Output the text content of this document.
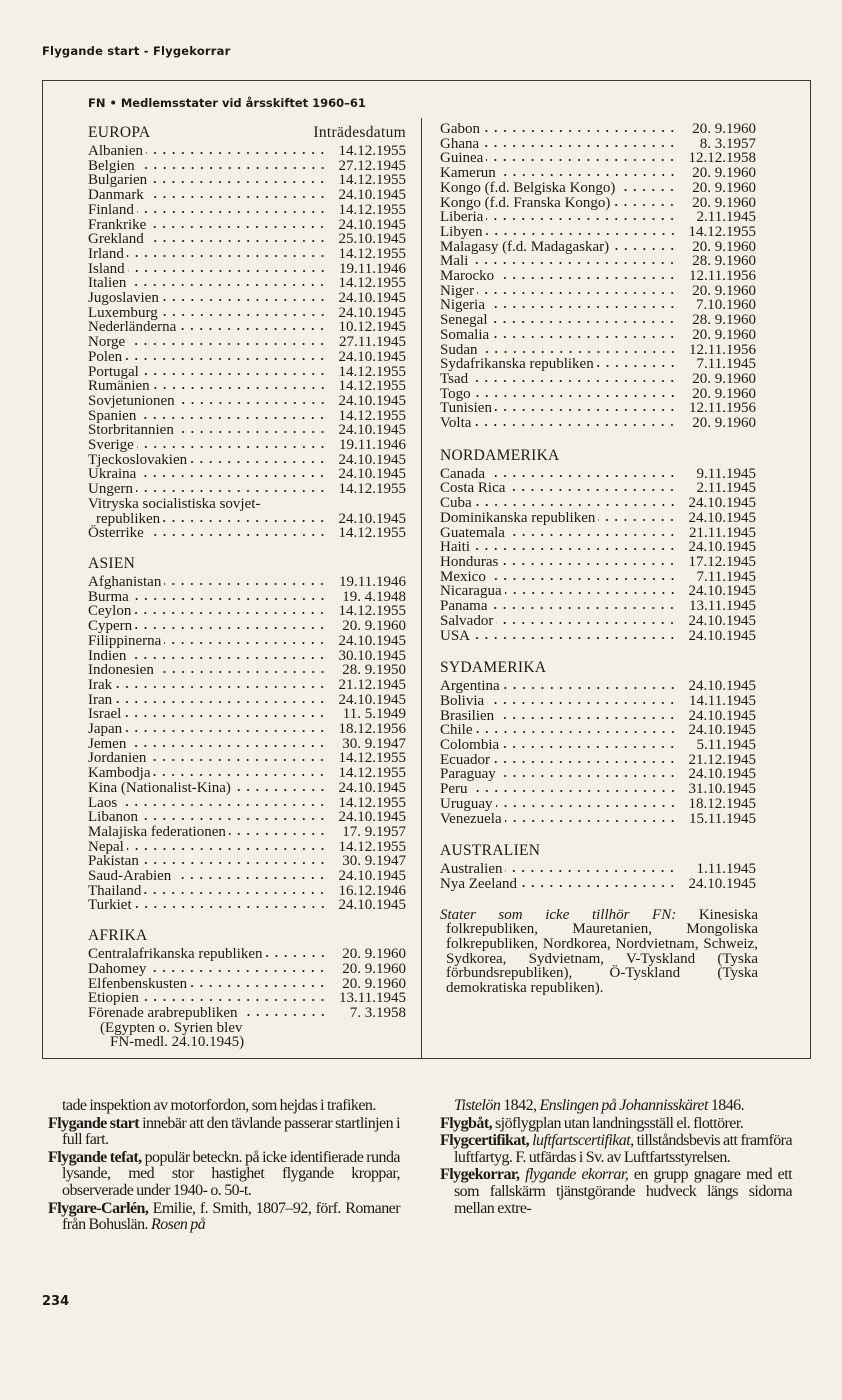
Flygande start - Flygekorrar
FN • Medlemsstater vid årsskiftet 1960–61
EUROPA	Inträdesdatum
Albanien	14.12.1955
Belgien	27.12.1945
Bulgarien	14.12.1955
Danmark	24.10.1945
Finland	14.12.1955
Frankrike	24.10.1945
Grekland	25.10.1945
Irland	14.12.1955
Island	19.11.1946
Italien	14.12.1955
Jugoslavien	24.10.1945
Luxemburg	24.10.1945
Nederländerna	10.12.1945
Norge	27.11.1945
Polen	24.10.1945
Portugal	14.12.1955
Rumänien	14.12.1955
Sovjetunionen	24.10.1945
Spanien	14.12.1955
Storbritannien	24.10.1945
Sverige	19.11.1946
Tjeckoslovakien	24.10.1945
Ukraina	24.10.1945
Ungern	14.12.1955
Vitryska socialistiska sovjet-
republiken	24.10.1945
Österrike	14.12.1955
ASIEN
Afghanistan	19.11.1946
Burma	19. 4.1948
Ceylon	14.12.1955
Cypern	20. 9.1960
Filippinerna	24.10.1945
Indien	30.10.1945
Indonesien	28. 9.1950
Irak	21.12.1945
Iran	24.10.1945
Israel	11. 5.1949
Japan	18.12.1956
Jemen	30. 9.1947
Jordanien	14.12.1955
Kambodja	14.12.1955
Kina (Nationalist-Kina)	24.10.1945
Laos	14.12.1955
Libanon	24.10.1945
Malajiska federationen	17. 9.1957
Nepal	14.12.1955
Pakistan	30. 9.1947
Saud-Arabien	24.10.1945
Thailand	16.12.1946
Turkiet	24.10.1945
AFRIKA
Centralafrikanska republiken	20. 9.1960
Dahomey	20. 9.1960
Elfenbenskusten	20. 9.1960
Etiopien	13.11.1945
Förenade arabrepubliken	7. 3.1958
(Egypten o. Syrien blev
FN-medl. 24.10.1945)
Gabon	20. 9.1960
Ghana	8. 3.1957
Guinea	12.12.1958
Kamerun	20. 9.1960
Kongo (f.d. Belgiska Kongo)	20. 9.1960
Kongo (f.d. Franska Kongo)	20. 9.1960
Liberia	2.11.1945
Libyen	14.12.1955
Malagasy (f.d. Madagaskar)	20. 9.1960
Mali	28. 9.1960
Marocko	12.11.1956
Niger	20. 9.1960
Nigeria	7.10.1960
Senegal	28. 9.1960
Somalia	20. 9.1960
Sudan	12.11.1956
Sydafrikanska republiken	7.11.1945
Tsad	20. 9.1960
Togo	20. 9.1960
Tunisien	12.11.1956
Volta	20. 9.1960
NORDAMERIKA
Canada	9.11.1945
Costa Rica	2.11.1945
Cuba	24.10.1945
Dominikanska republiken	24.10.1945
Guatemala	21.11.1945
Haiti	24.10.1945
Honduras	17.12.1945
Mexico	7.11.1945
Nicaragua	24.10.1945
Panama	13.11.1945
Salvador	24.10.1945
USA	24.10.1945
SYDAMERIKA
Argentina	24.10.1945
Bolivia	14.11.1945
Brasilien	24.10.1945
Chile	24.10.1945
Colombia	5.11.1945
Ecuador	21.12.1945
Paraguay	24.10.1945
Peru	31.10.1945
Uruguay	18.12.1945
Venezuela	15.11.1945
AUSTRALIEN
Australien	1.11.1945
Nya Zeeland	24.10.1945
Stater som icke tillhör FN: Kinesiska folkrepubliken, Mauretanien, Mongoliska folkrepubliken, Nordkorea, Nordvietnam, Schweiz, Sydkorea, Sydvietnam, V-Tyskland (Tyska förbundsrepubliken), Ö-Tyskland (Tyska demokratiska republiken).

tade inspektion av motorfordon, som hejdas i trafiken.

Flygande start innebär att den tävlande passerar startlinjen i full fart.

Flygande tefat, populär beteckn. på icke identifierade runda lysande, med stor hastighet flygande kroppar, observerade under 1940- o. 50-t.

Flygare-Carlén, Emilie, f. Smith, 1807–92, förf. Romaner från Bohuslän. Rosen på

Tistelön 1842, Enslingen på Johannisskäret 1846.

Flygbåt, sjöflygplan utan landningsställ el. flottörer.

Flygcertifikat, luftfartscertifikat, tillståndsbevis att framföra luftfartyg. F. utfärdas i Sv. av Luftfartsstyrelsen.

Flygekorrar, flygande ekorrar, en grupp gnagare med ett som fallskärm tjänstgörande hudveck längs sidorna mellan extre-

234
